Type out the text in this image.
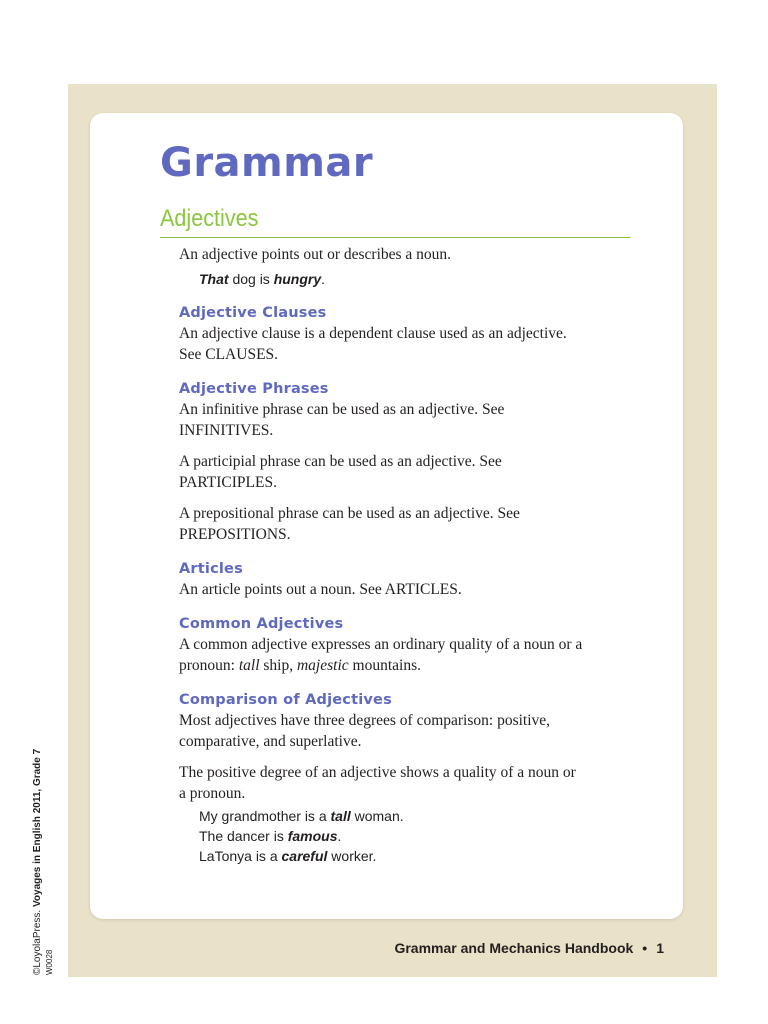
Grammar
Adjectives

An adjective points out or describes a noun.

That dog is hungry.
Adjective Clauses

An adjective clause is a dependent clause used as an adjective.

See CLAUSES.

Adjective Phrases

An infinitive phrase can be used as an adjective. See

INFINITIVES.

A participial phrase can be used as an adjective. See

PARTICIPLES.

A prepositional phrase can be used as an adjective. See

PREPOSITIONS.

Articles

An article points out a noun. See ARTICLES.

Common Adjectives

A common adjective expresses an ordinary quality of a noun or a

pronoun: tall ship, majestic mountains.

Comparison of Adjectives

Most adjectives have three degrees of comparison: positive,

comparative, and superlative.

The positive degree of an adjective shows a quality of a noun or

a pronoun.

My grandmother is a tall woman.
The dancer is famous.
LaTonya is a careful worker.
Grammar and Mechanics Handbook • 1
©LoyolaPress. Voyages in English 2011, Grade 7
W0028
